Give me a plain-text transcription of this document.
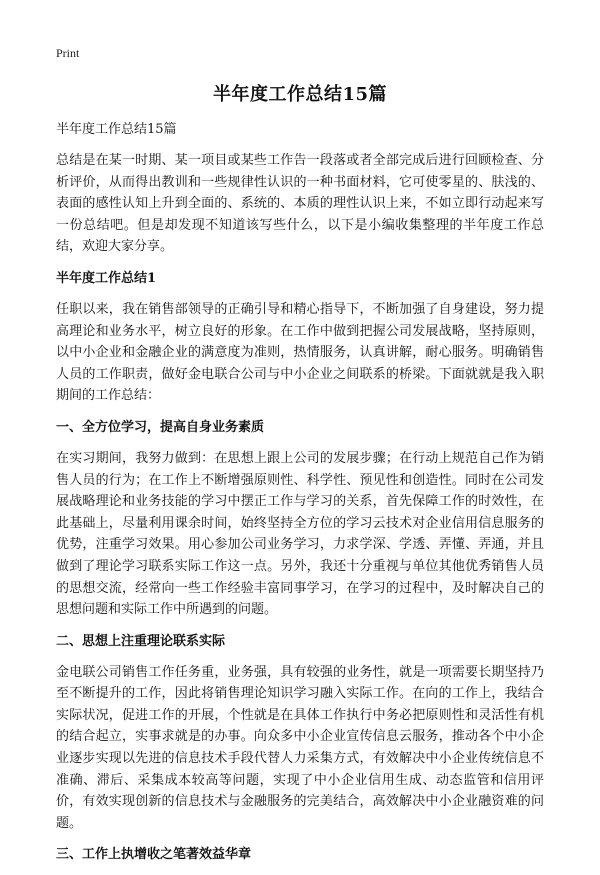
Print
半年度工作总结15篇
半年度工作总结15篇

总结是在某一时期、某一项目或某些工作告一段落或者全部完成后进行回顾检查、分析评价，从而得出教训和一些规律性认识的一种书面材料，它可使零星的、肤浅的、表面的感性认知上升到全面的、系统的、本质的理性认识上来，不如立即行动起来写一份总结吧。但是却发现不知道该写些什么，以下是小编收集整理的半年度工作总结，欢迎大家分享。

半年度工作总结1

任职以来，我在销售部领导的正确引导和精心指导下，不断加强了自身建设，努力提高理论和业务水平，树立良好的形象。在工作中做到把握公司发展战略，坚持原则，以中小企业和金融企业的满意度为准则，热情服务，认真讲解，耐心服务。明确销售人员的工作职责，做好金电联合公司与中小企业之间联系的桥梁。下面就就是我入职期间的工作总结：

一、全方位学习，提高自身业务素质

在实习期间，我努力做到：在思想上跟上公司的发展步骤；在行动上规范自己作为销售人员的行为；在工作上不断增强原则性、科学性、预见性和创造性。同时在公司发展战略理论和业务技能的学习中摆正工作与学习的关系，首先保障工作的时效性，在此基础上，尽量利用课余时间，始终坚持全方位的学习云技术对企业信用信息服务的优势，注重学习效果。用心参加公司业务学习，力求学深、学透、弄懂、弄通，并且做到了理论学习联系实际工作这一点。另外，我还十分重视与单位其他优秀销售人员的思想交流，经常向一些工作经验丰富同事学习，在学习的过程中，及时解决自己的思想问题和实际工作中所遇到的问题。

二、思想上注重理论联系实际

金电联公司销售工作任务重，业务强，具有较强的业务性，就是一项需要长期坚持乃至不断提升的工作，因此将销售理论知识学习融入实际工作。在向的工作上，我结合实际状况，促进工作的开展，个性就是在具体工作执行中务必把原则性和灵活性有机的结合起立，实事求就是的办事。向众多中小企业宣传信息云服务，推动各个中小企业逐步实现以先进的信息技术手段代替人力采集方式，有效解决中小企业传统信息不准确、滞后、采集成本较高等问题，实现了中小企业信用生成、动态监管和信用评价，有效实现创新的信息技术与金融服务的完美结合，高效解决中小企业融资难的问题。

三、工作上执增收之笔著效益华章
